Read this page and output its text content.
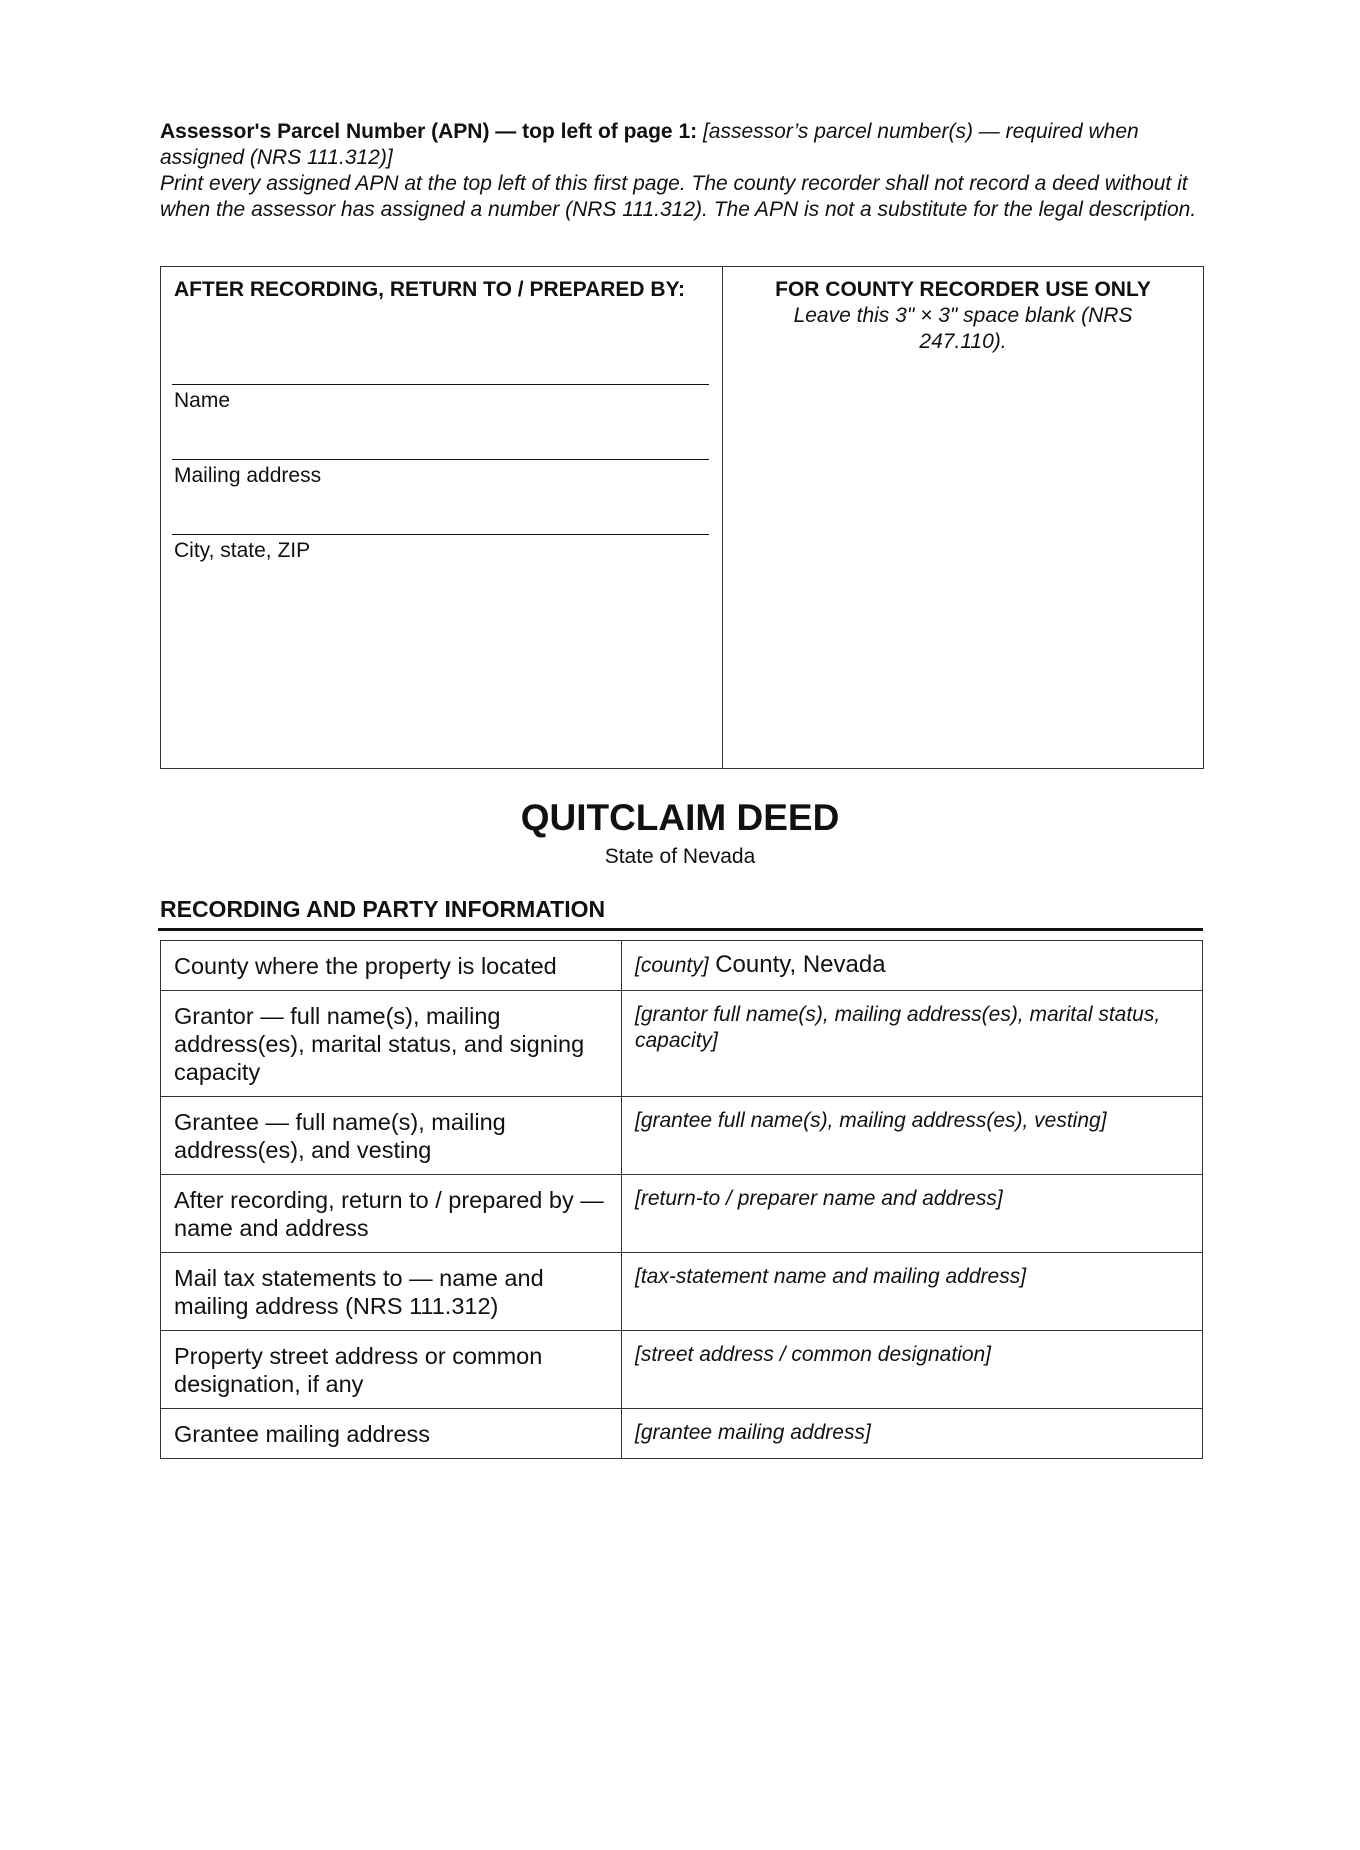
Assessor's Parcel Number (APN) — top left of page 1: [assessor’s parcel number(s) — required when assigned (NRS 111.312)]
Print every assigned APN at the top left of this first page. The county recorder shall not record a deed without it when the assessor has assigned a number (NRS 111.312). The APN is not a substitute for the legal description.
AFTER RECORDING, RETURN TO / PREPARED BY:
Name
Mailing address
City, state, ZIP
FOR COUNTY RECORDER USE ONLY
Leave this 3" × 3" space blank (NRS 247.110).
QUITCLAIM DEED
State of Nevada
RECORDING AND PARTY INFORMATION
County where the property is located	[county] County, Nevada
Grantor — full name(s), mailing address(es), marital status, and signing capacity	[grantor full name(s), mailing address(es), marital status, capacity]
Grantee — full name(s), mailing address(es), and vesting	[grantee full name(s), mailing address(es), vesting]
After recording, return to / prepared by — name and address	[return-to / preparer name and address]
Mail tax statements to — name and mailing address (NRS 111.312)	[tax-statement name and mailing address]
Property street address or common designation, if any	[street address / common designation]
Grantee mailing address	[grantee mailing address]
